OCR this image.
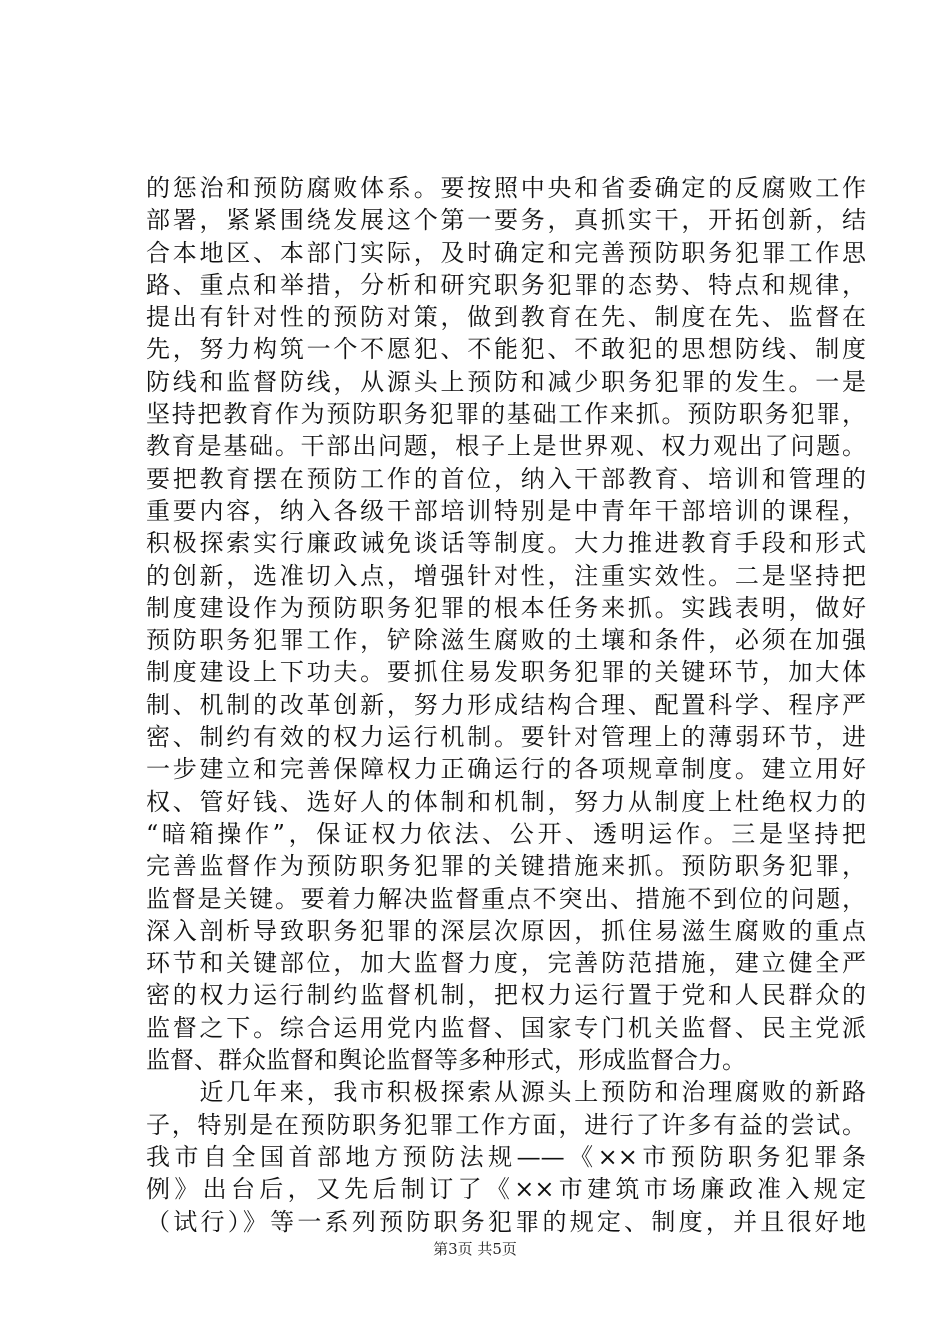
的惩治和预防腐败体系。要按照中央和省委确定的反腐败工作
部署，紧紧围绕发展这个第一要务，真抓实干，开拓创新，结
合本地区、本部门实际，及时确定和完善预防职务犯罪工作思
路、重点和举措，分析和研究职务犯罪的态势、特点和规律，
提出有针对性的预防对策，做到教育在先、制度在先、监督在
先，努力构筑一个不愿犯、不能犯、不敢犯的思想防线、制度
防线和监督防线，从源头上预防和减少职务犯罪的发生。一是
坚持把教育作为预防职务犯罪的基础工作来抓。预防职务犯罪，
教育是基础。干部出问题，根子上是世界观、权力观出了问题。
要把教育摆在预防工作的首位，纳入干部教育、培训和管理的
重要内容，纳入各级干部培训特别是中青年干部培训的课程，
积极探索实行廉政诫免谈话等制度。大力推进教育手段和形式
的创新，选准切入点，增强针对性，注重实效性。二是坚持把
制度建设作为预防职务犯罪的根本任务来抓。实践表明，做好
预防职务犯罪工作，铲除滋生腐败的土壤和条件，必须在加强
制度建设上下功夫。要抓住易发职务犯罪的关键环节，加大体
制、机制的改革创新，努力形成结构合理、配置科学、程序严
密、制约有效的权力运行机制。要针对管理上的薄弱环节，进
一步建立和完善保障权力正确运行的各项规章制度。建立用好
权、管好钱、选好人的体制和机制，努力从制度上杜绝权力的
“暗箱操作”，保证权力依法、公开、透明运作。三是坚持把
完善监督作为预防职务犯罪的关键措施来抓。预防职务犯罪，
监督是关键。要着力解决监督重点不突出、措施不到位的问题，
深入剖析导致职务犯罪的深层次原因，抓住易滋生腐败的重点
环节和关键部位，加大监督力度，完善防范措施，建立健全严
密的权力运行制约监督机制，把权力运行置于党和人民群众的
监督之下。综合运用党内监督、国家专门机关监督、民主党派
监督、群众监督和舆论监督等多种形式，形成监督合力。
　　近几年来，我市积极探索从源头上预防和治理腐败的新路
子，特别是在预防职务犯罪工作方面，进行了许多有益的尝试。
我市自全国首部地方预防法规——《××市预防职务犯罪条
例》出台后，又先后制订了《××市建筑市场廉政准入规定
（试行）》等一系列预防职务犯罪的规定、制度，并且很好地
第3页 共5页
